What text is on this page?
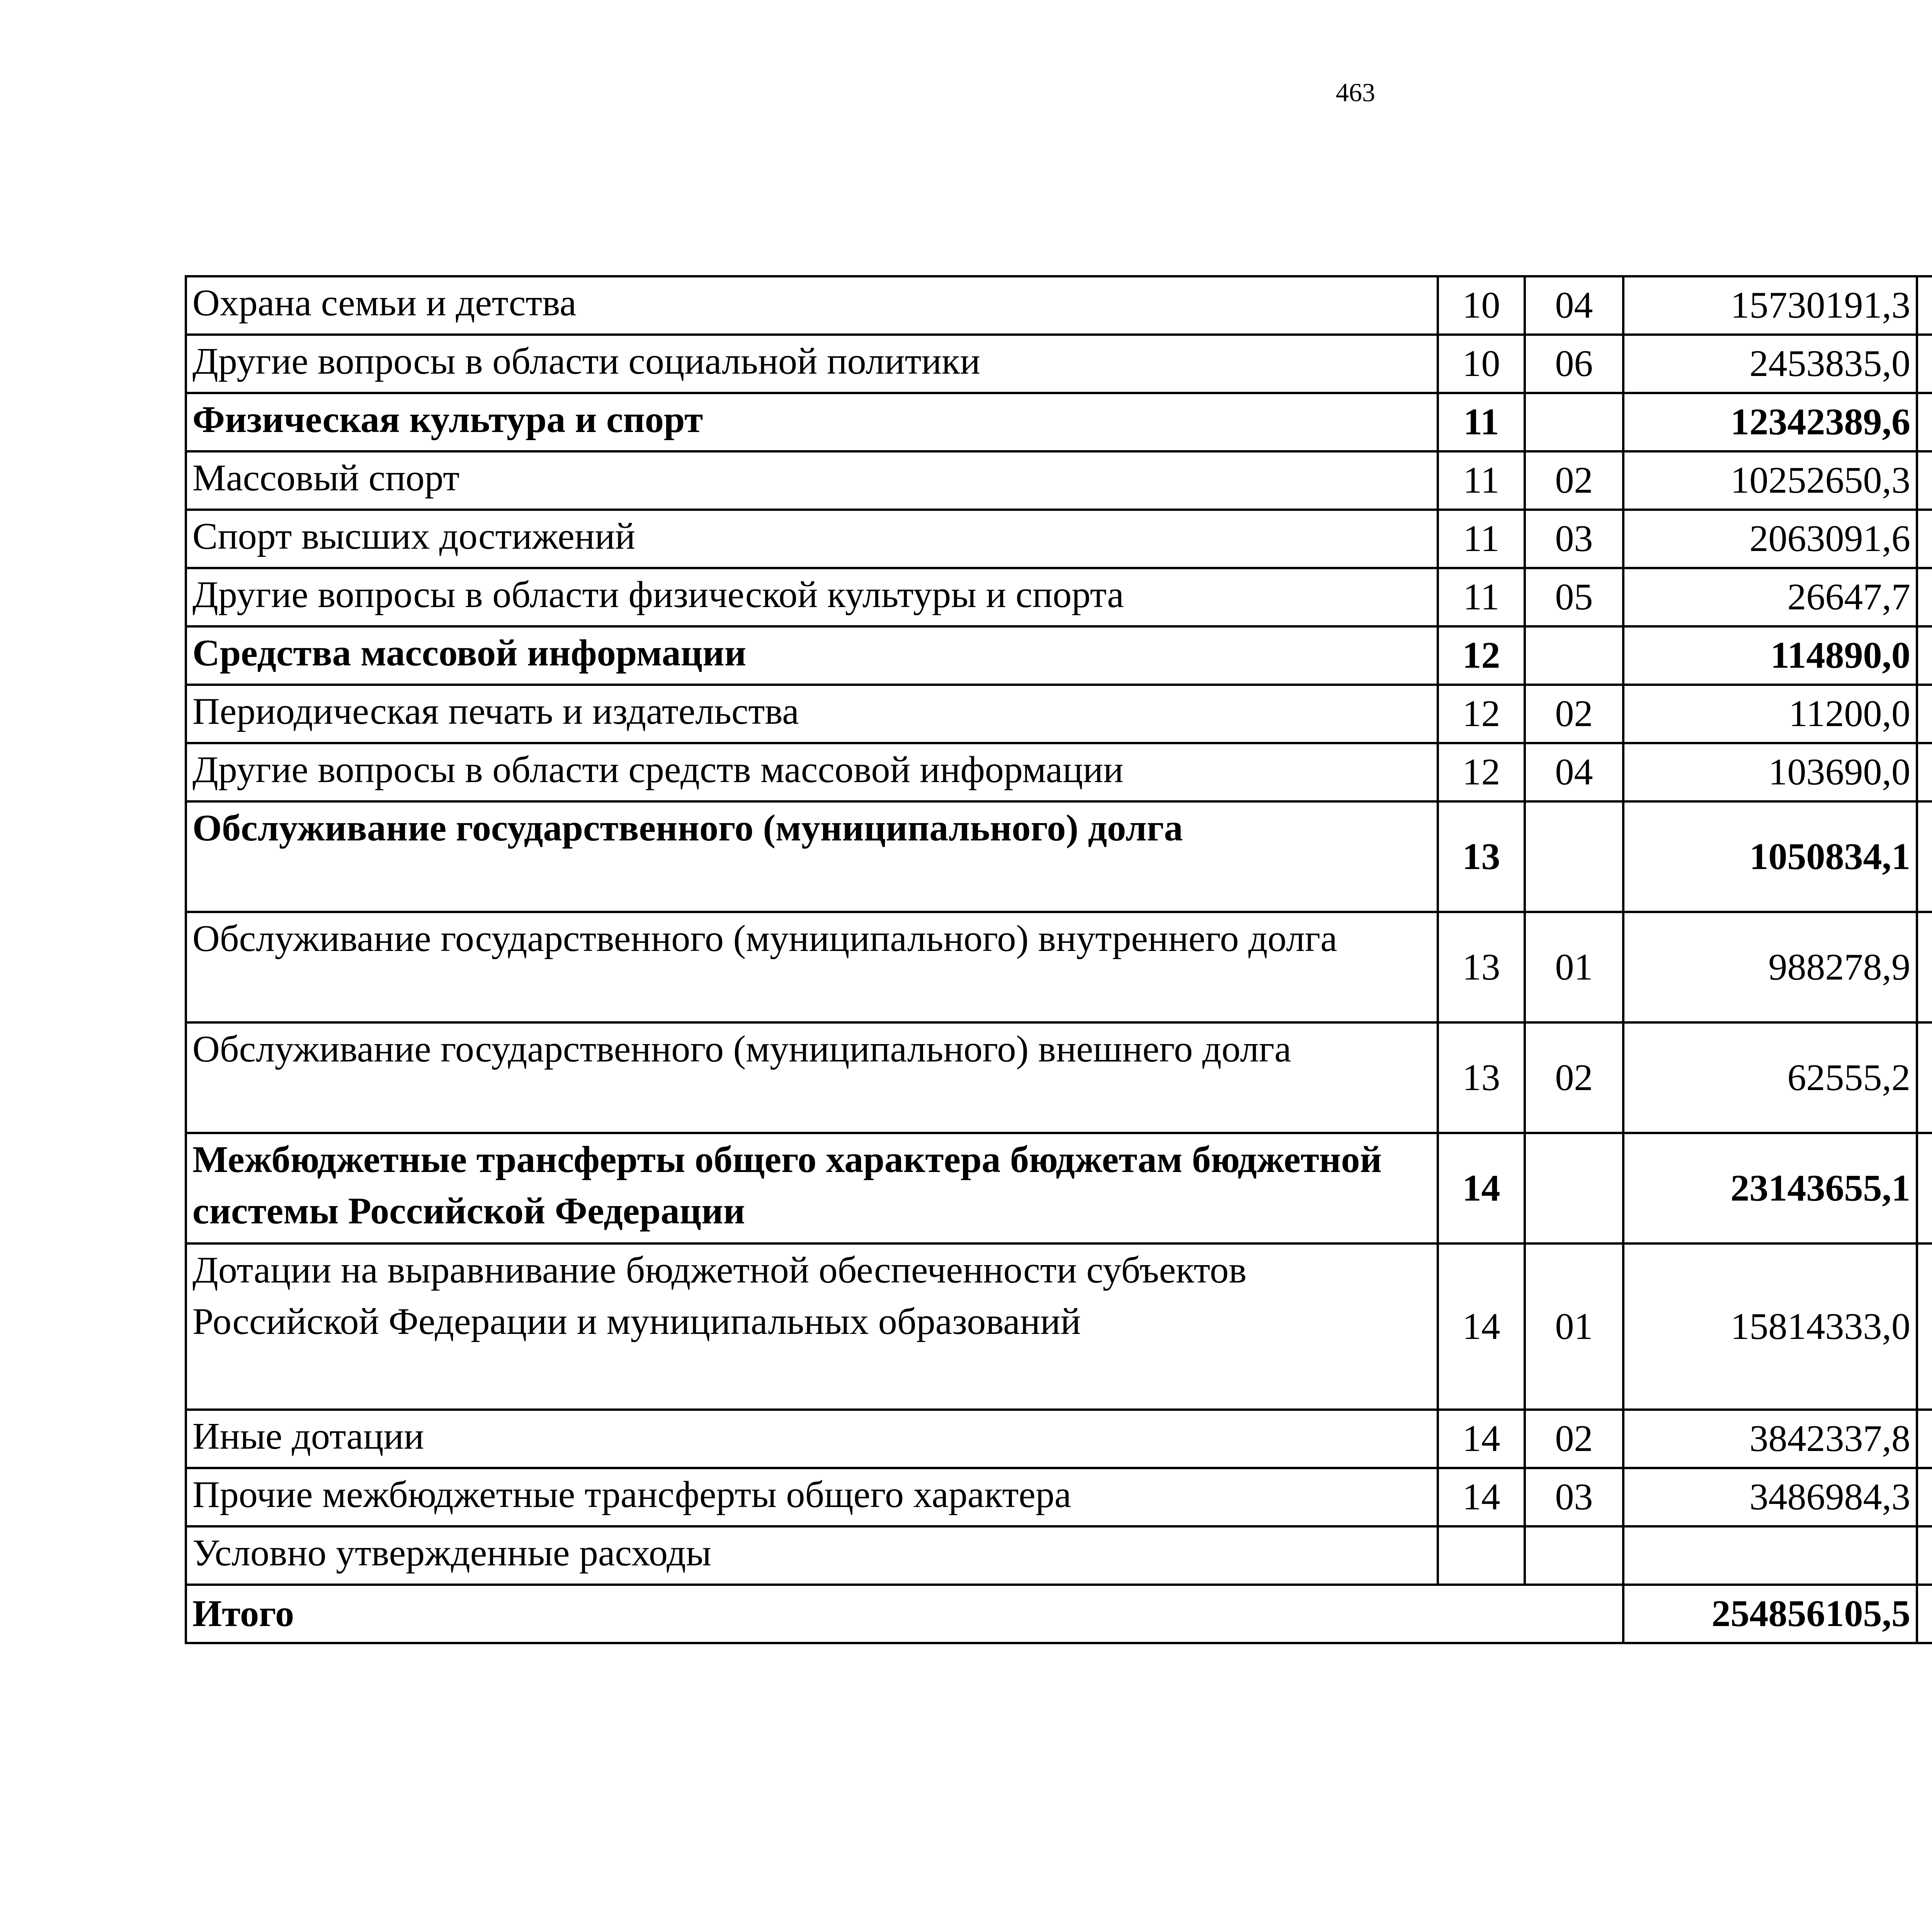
463
Охрана семьи и детства	10	04	15730191,3		
Другие вопросы в области социальной политики	10	06	2453835,0		
Физическая культура и спорт	11		12342389,6		
Массовый спорт	11	02	10252650,3		
Спорт высших достижений	11	03	2063091,6		
Другие вопросы в области физической культуры и спорта	11	05	26647,7		
Средства массовой информации	12		114890,0		
Периодическая печать и издательства	12	02	11200,0		
Другие вопросы в области средств массовой информации	12	04	103690,0		
Обслуживание государственного (муниципального) долга	13		1050834,1		
Обслуживание государственного (муниципального) внутреннего долга	13	01	988278,9		
Обслуживание государственного (муниципального) внешнего долга	13	02	62555,2		
Межбюджетные трансферты общего характера бюджетам бюджетной системы Российской Федерации	14		23143655,1		
Дотации на выравнивание бюджетной обеспеченности субъектов Российской Федерации и муниципальных образований	14	01	15814333,0		
Иные дотации	14	02	3842337,8		
Прочие межбюджетные трансферты общего характера	14	03	3486984,3		
Условно утвержденные расходы					
Итого			254856105,5		
